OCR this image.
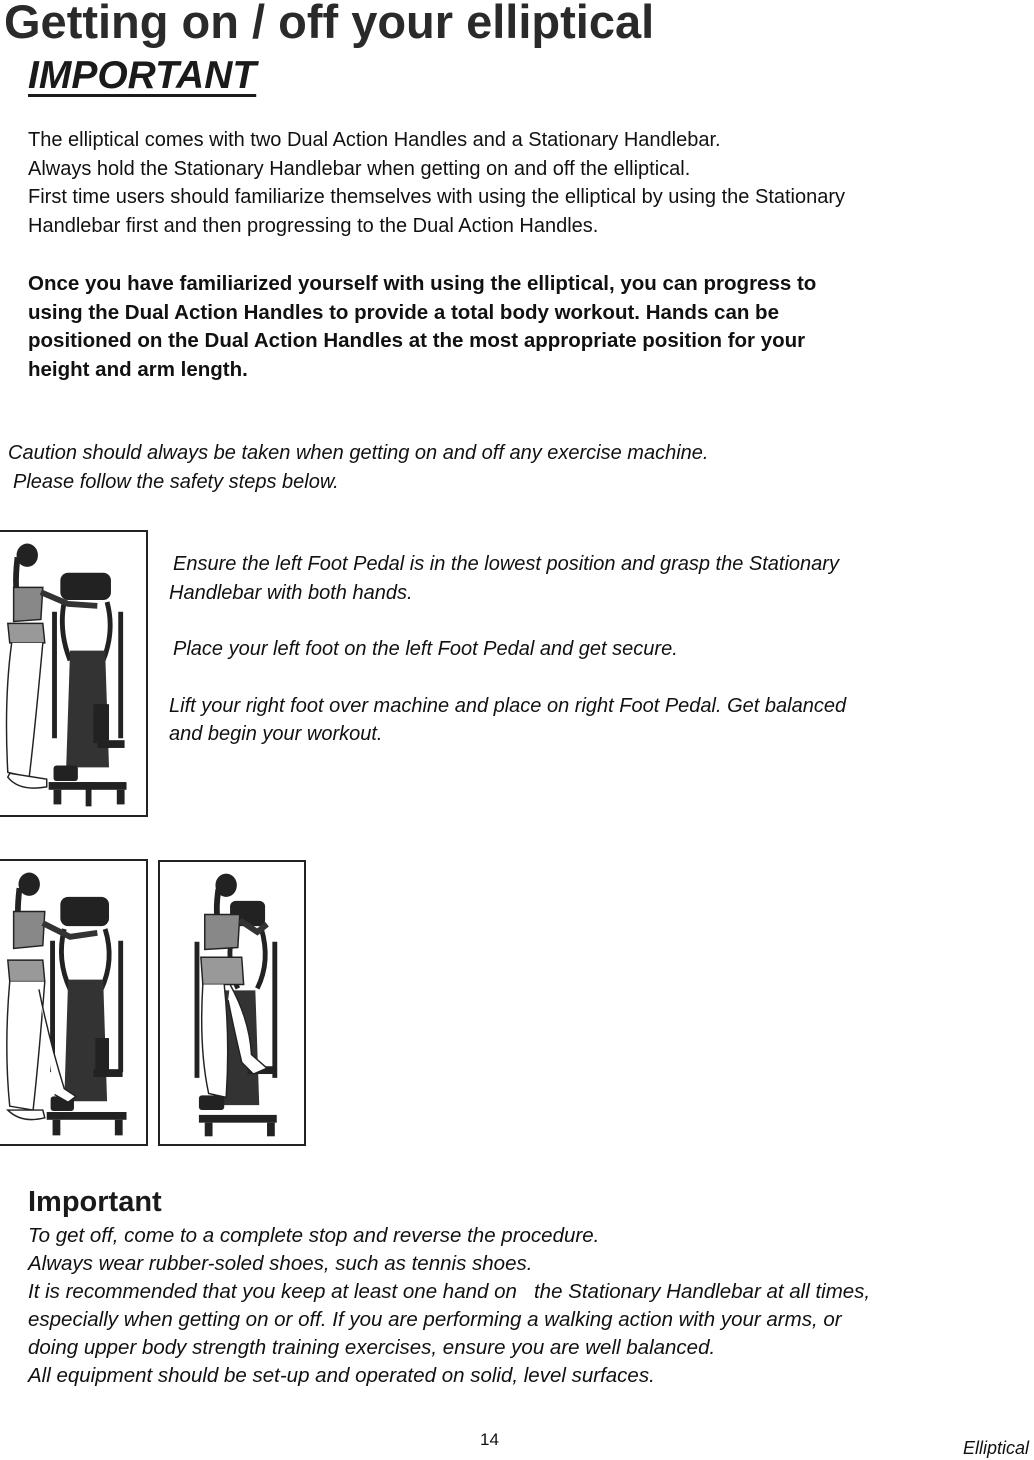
Getting on / off your elliptical
IMPORTANT
The elliptical comes with two Dual Action Handles and a Stationary Handlebar.
Always hold the Stationary Handlebar when getting on and off the elliptical.
First time users should familiarize themselves with using the elliptical by using the Stationary
Handlebar first and then progressing to the Dual Action Handles.
Once you have familiarized yourself with using the elliptical, you can progress to
using the Dual Action Handles to provide a total body workout. Hands can be
positioned on the Dual Action Handles at the most appropriate position for your
height and arm length.
Caution should always be taken when getting on and off any exercise machine.
Please follow the safety steps below.
Ensure the left Foot Pedal is in the lowest position and grasp the Stationary
Handlebar with both hands.
Place your left foot on the left Foot Pedal and get secure.
Lift your right foot over machine and place on right Foot Pedal. Get balanced
and begin your workout.
Important
To get off, come to a complete stop and reverse the procedure.
Always wear rubber-soled shoes, such as tennis shoes.
It is recommended that you keep at least one hand on   the Stationary Handlebar at all times,
especially when getting on or off. If you are performing a walking action with your arms, or
doing upper body strength training exercises, ensure you are well balanced.
All equipment should be set-up and operated on solid, level surfaces.
14	Elliptical
